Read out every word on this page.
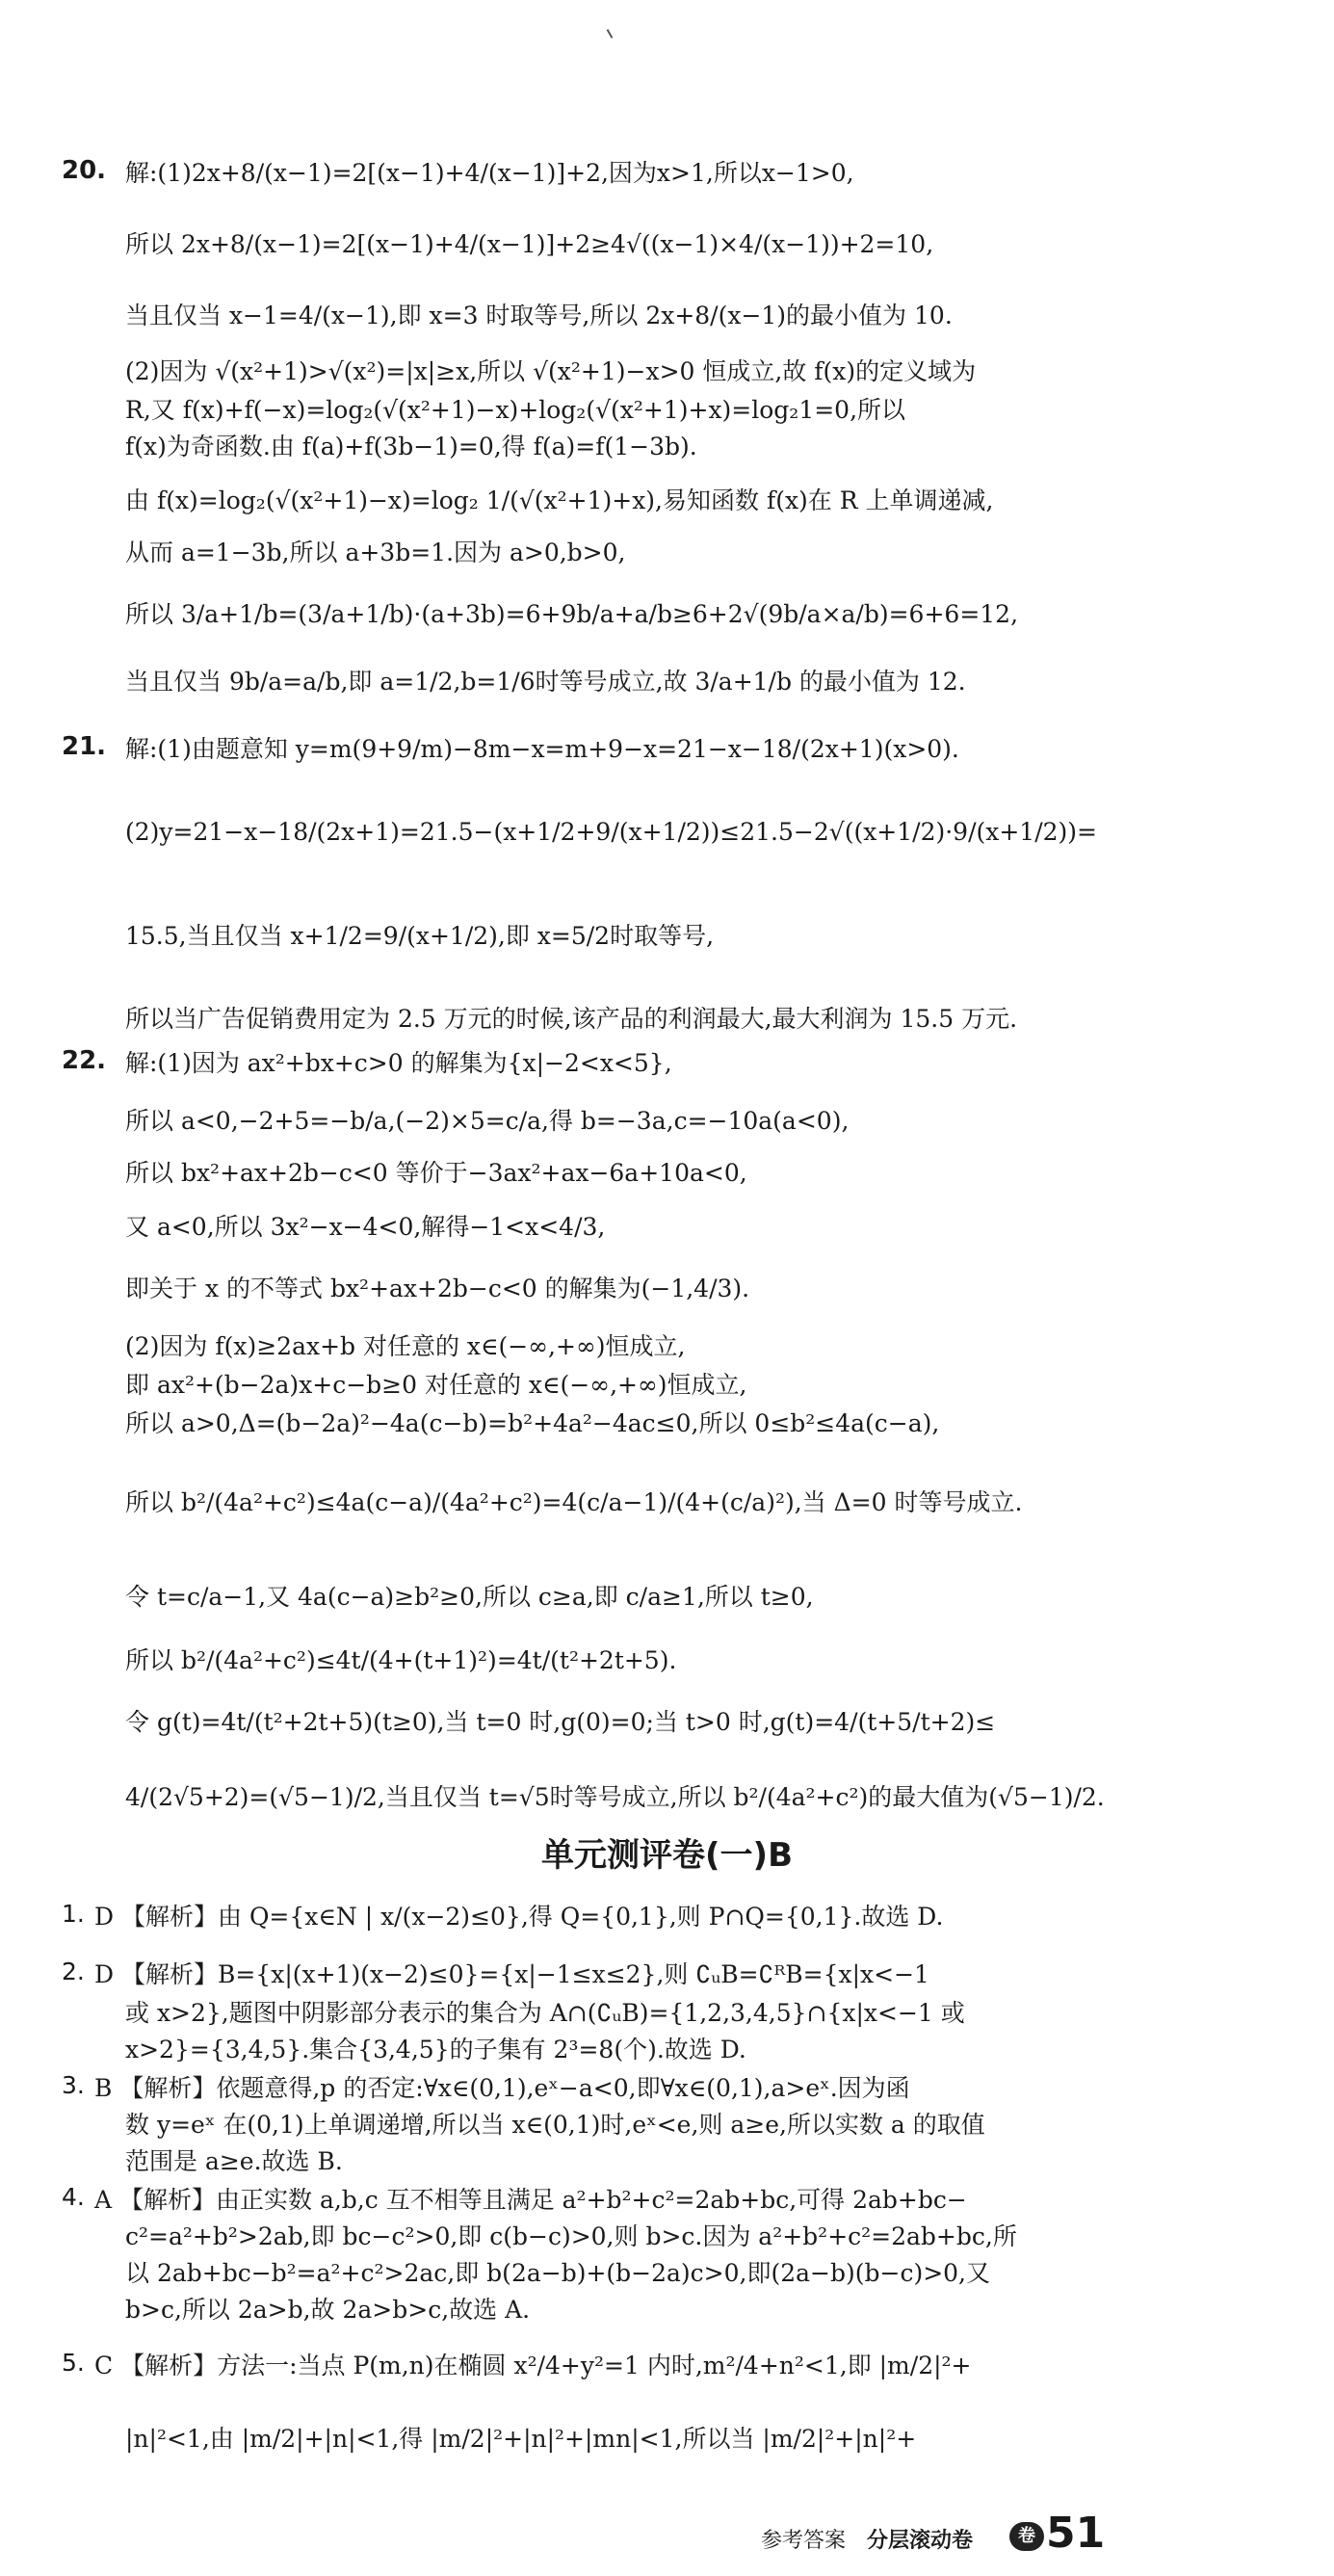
20. 解:(1)2x+8/(x−1)=2[(x−1)+4/(x−1)]+2,因为x>1,所以x−1>0,
所以 2x+8/(x−1)=2[(x−1)+4/(x−1)]+2≥4√((x−1)×4/(x−1))+2=10,
当且仅当 x−1=4/(x−1),即 x=3 时取等号,所以 2x+8/(x−1)的最小值为 10.
(2)因为 √(x²+1)>√(x²)=|x|≥x,所以 √(x²+1)−x>0 恒成立,故 f(x)的定义域为
R,又 f(x)+f(−x)=log₂(√(x²+1)−x)+log₂(√(x²+1)+x)=log₂1=0,所以
f(x)为奇函数.由 f(a)+f(3b−1)=0,得 f(a)=f(1−3b).
由 f(x)=log₂(√(x²+1)−x)=log₂ 1/(√(x²+1)+x),易知函数 f(x)在 R 上单调递减,
从而 a=1−3b,所以 a+3b=1.因为 a>0,b>0,
所以 3/a+1/b=(3/a+1/b)·(a+3b)=6+9b/a+a/b≥6+2√(9b/a×a/b)=6+6=12,
当且仅当 9b/a=a/b,即 a=1/2,b=1/6时等号成立,故 3/a+1/b 的最小值为 12.
21. 解:(1)由题意知 y=m(9+9/m)−8m−x=m+9−x=21−x−18/(2x+1)(x>0).
(2)y=21−x−18/(2x+1)=21.5−(x+1/2+9/(x+1/2))≤21.5−2√((x+1/2)·9/(x+1/2))=
15.5,当且仅当 x+1/2=9/(x+1/2),即 x=5/2时取等号,
所以当广告促销费用定为 2.5 万元的时候,该产品的利润最大,最大利润为 15.5 万元.
22. 解:(1)因为 ax²+bx+c>0 的解集为{x|−2<x<5},
所以 a<0,−2+5=−b/a,(−2)×5=c/a,得 b=−3a,c=−10a(a<0),
所以 bx²+ax+2b−c<0 等价于−3ax²+ax−6a+10a<0,
又 a<0,所以 3x²−x−4<0,解得−1<x<4/3,
即关于 x 的不等式 bx²+ax+2b−c<0 的解集为(−1,4/3).
(2)因为 f(x)≥2ax+b 对任意的 x∈(−∞,+∞)恒成立,
即 ax²+(b−2a)x+c−b≥0 对任意的 x∈(−∞,+∞)恒成立,
所以 a>0,Δ=(b−2a)²−4a(c−b)=b²+4a²−4ac≤0,所以 0≤b²≤4a(c−a),
所以 b²/(4a²+c²)≤4a(c−a)/(4a²+c²)=4(c/a−1)/(4+(c/a)²),当 Δ=0 时等号成立.
令 t=c/a−1,又 4a(c−a)≥b²≥0,所以 c≥a,即 c/a≥1,所以 t≥0,
所以 b²/(4a²+c²)≤4t/(4+(t+1)²)=4t/(t²+2t+5).
令 g(t)=4t/(t²+2t+5)(t≥0),当 t=0 时,g(0)=0;当 t>0 时,g(t)=4/(t+5/t+2)≤
4/(2√5+2)=(√5−1)/2,当且仅当 t=√5时等号成立,所以 b²/(4a²+c²)的最大值为(√5−1)/2.
单元测评卷(一)B
1. D 【解析】由 Q={x∈N | x/(x−2)≤0},得 Q={0,1},则 P∩Q={0,1}.故选 D.
2. D 【解析】B={x|(x+1)(x−2)≤0}={x|−1≤x≤2},则 ∁ᵤB=∁ᴿB={x|x<−1
或 x>2},题图中阴影部分表示的集合为 A∩(∁ᵤB)={1,2,3,4,5}∩{x|x<−1 或
x>2}={3,4,5}.集合{3,4,5}的子集有 2³=8(个).故选 D.
3. B 【解析】依题意得,p 的否定:∀x∈(0,1),eˣ−a<0,即∀x∈(0,1),a>eˣ.因为函
数 y=eˣ 在(0,1)上单调递增,所以当 x∈(0,1)时,eˣ<e,则 a≥e,所以实数 a 的取值
范围是 a≥e.故选 B.
4. A 【解析】由正实数 a,b,c 互不相等且满足 a²+b²+c²=2ab+bc,可得 2ab+bc−
c²=a²+b²>2ab,即 bc−c²>0,即 c(b−c)>0,则 b>c.因为 a²+b²+c²=2ab+bc,所
以 2ab+bc−b²=a²+c²>2ac,即 b(2a−b)+(b−2a)c>0,即(2a−b)(b−c)>0,又
b>c,所以 2a>b,故 2a>b>c,故选 A.
5. C 【解析】方法一:当点 P(m,n)在椭圆 x²/4+y²=1 内时,m²/4+n²<1,即 |m/2|²+
|n|²<1,由 |m/2|+|n|<1,得 |m/2|²+|n|²+|mn|<1,所以当 |m/2|²+|n|²+
参考答案 分层滚动卷	卷 51
